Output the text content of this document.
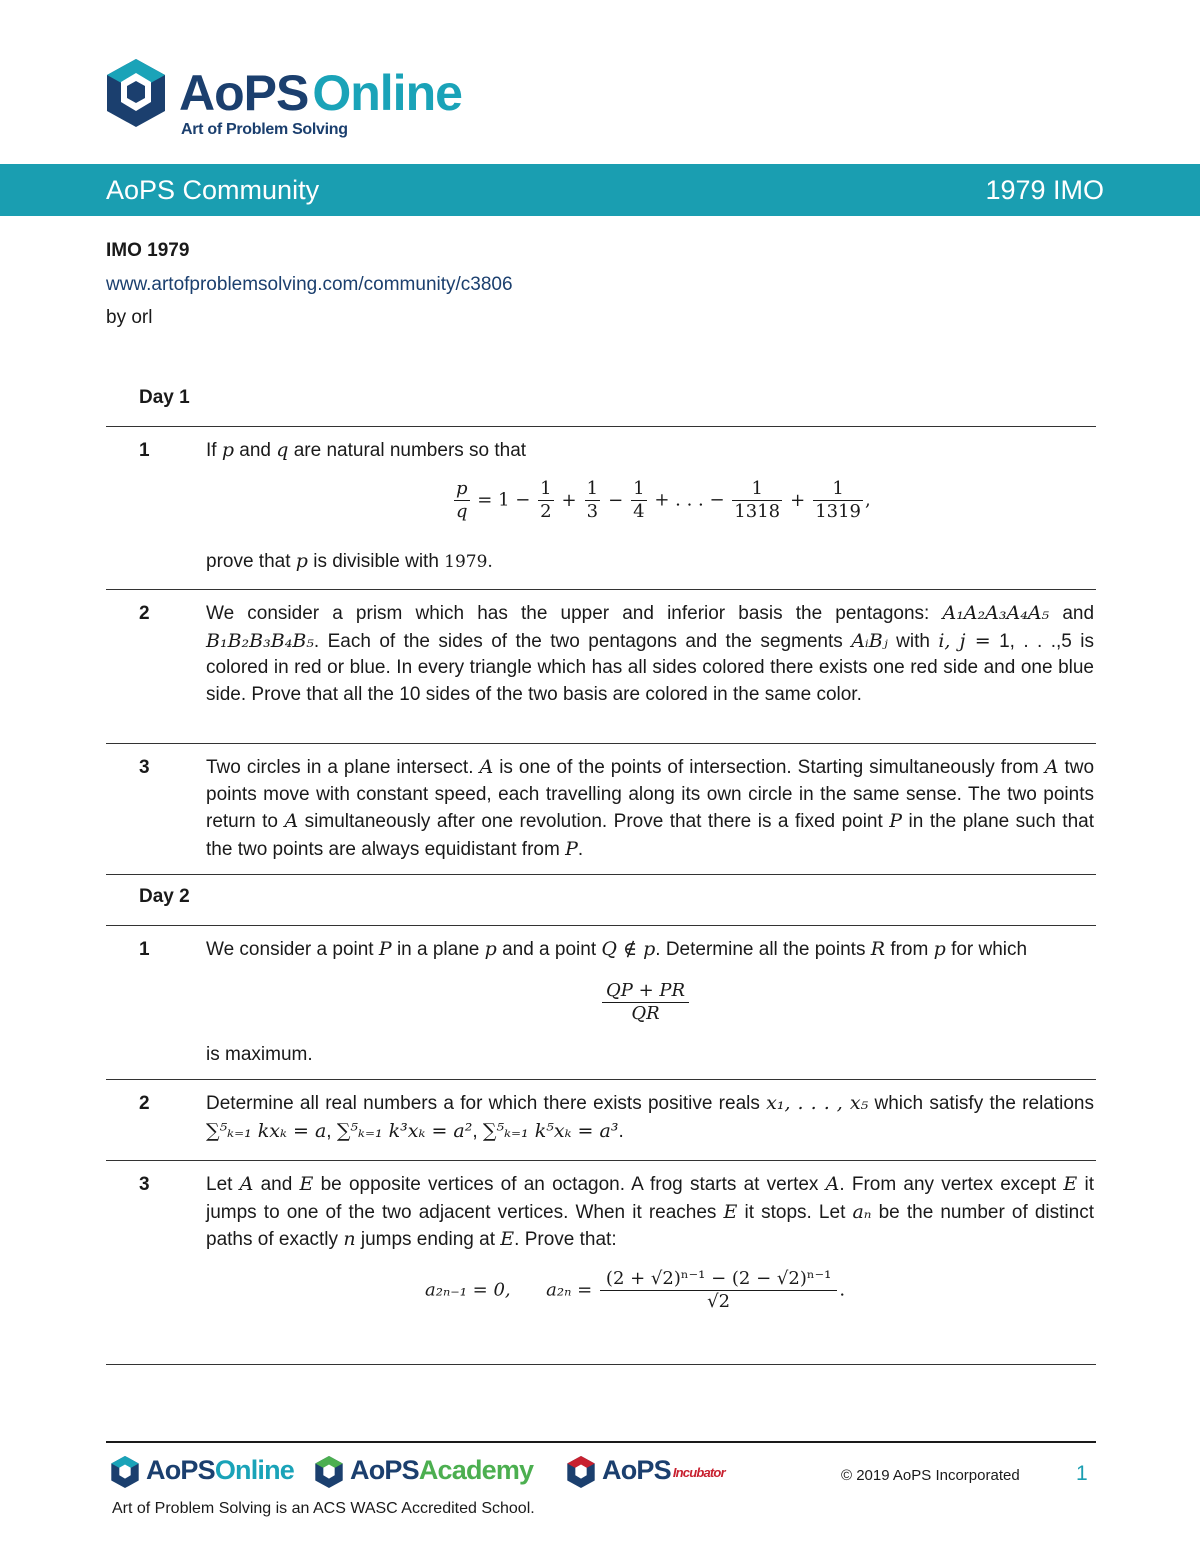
AoPSOnline
Art of Problem Solving
AoPS Community	1979 IMO
IMO 1979
www.artofproblemsolving.com/community/c3806
by orl
Day 1
1	If p and q are natural numbers so that
$\frac{p}{q} = 1 - \frac{1}{2} + \frac{1}{3} - \frac{1}{4}$ + . . . − $\frac{1}{1318} + \frac{1}{1319}$ ,
prove that p is divisible with 1979.
2	We consider a prism which has the upper and inferior basis the pentagons: A₁A₂A₃A₄A₅ and B₁B₂B₃B₄B₅. Each of the sides of the two pentagons and the segments AᵢBⱼ with i, j = 1, . . .,5 is colored in red or blue. In every triangle which has all sides colored there exists one red side and one blue side. Prove that all the 10 sides of the two basis are colored in the same color.
3	Two circles in a plane intersect. A is one of the points of intersection. Starting simultaneously from A two points move with constant speed, each travelling along its own circle in the same sense. The two points return to A simultaneously after one revolution. Prove that there is a fixed point P in the plane such that the two points are always equidistant from P.
Day 2
1	We consider a point P in a plane p and a point Q ∉ p. Determine all the points R from p for which
$\frac{QP + PR}{QR}$
is maximum.
2	Determine all real numbers a for which there exists positive reals x₁, . . . , x₅ which satisfy the relations ∑⁵ₖ₌₁ kxₖ = a, ∑⁵ₖ₌₁ k³xₖ = a², ∑⁵ₖ₌₁ k⁵xₖ = a³.
3	Let A and E be opposite vertices of an octagon. A frog starts at vertex A. From any vertex except E it jumps to one of the two adjacent vertices. When it reaches E it stops. Let aₙ be the number of distinct paths of exactly n jumps ending at E. Prove that:
a₂ₙ₋₁ = 0, $a_{2n} = \frac{\text{(2 + √2)ⁿ⁻¹ − (2 − √2)ⁿ⁻¹}}{√2}$ .
AoPSOnline	AoPSAcademy	AoPS Incubator	© 2019 AoPS Incorporated	1
Art of Problem Solving is an ACS WASC Accredited School.
